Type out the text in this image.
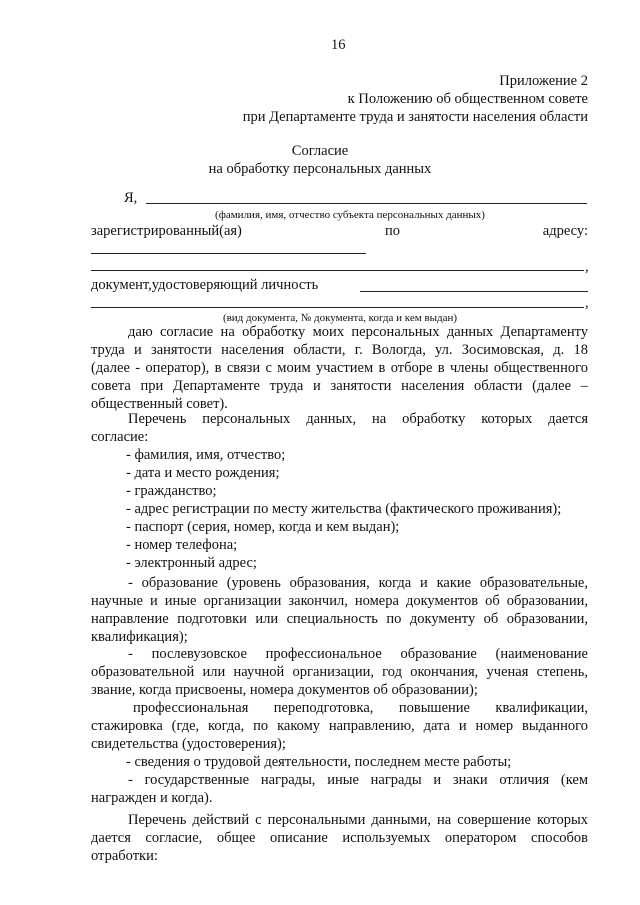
16
Приложение 2
к Положению об общественном совете
при Департаменте труда и занятости населения области
Согласие
на обработку персональных данных
Я,
(фамилия, имя, отчество субъекта персональных данных)
зарегистрированный(ая)	по	адресу:
,
документ,удостоверяющий личность
,
(вид документа, № документа, когда и кем выдан)
даю согласие на обработку моих персональных данных Департаменту
труда и занятости населения области, г. Вологда, ул. Зосимовская, д. 18
(далее - оператор), в связи с моим участием в отборе в члены общественного
совета при Департаменте труда и занятости населения области (далее –
общественный совет).
Перечень персональных данных, на обработку которых дается
согласие:
- фамилия, имя, отчество;
- дата и место рождения;
- гражданство;
- адрес регистрации по месту жительства (фактического проживания);
- паспорт (серия, номер, когда и кем выдан);
- номер телефона;
- электронный адрес;
- образование (уровень образования, когда и какие образовательные,
научные и иные организации закончил, номера документов об образовании,
направление подготовки или специальность по документу об образовании,
квалификация);
- послевузовское профессиональное образование (наименование
образовательной или научной организации, год окончания, ученая степень,
звание, когда присвоены, номера документов об образовании);
профессиональная переподготовка, повышение квалификации,
стажировка (где, когда, по какому направлению, дата и номер выданного
свидетельства (удостоверения);
- сведения о трудовой деятельности, последнем месте работы;
- государственные награды, иные награды и знаки отличия (кем
награжден и когда).
Перечень действий с персональными данными, на совершение которых
дается согласие, общее описание используемых оператором способов
отработки:
